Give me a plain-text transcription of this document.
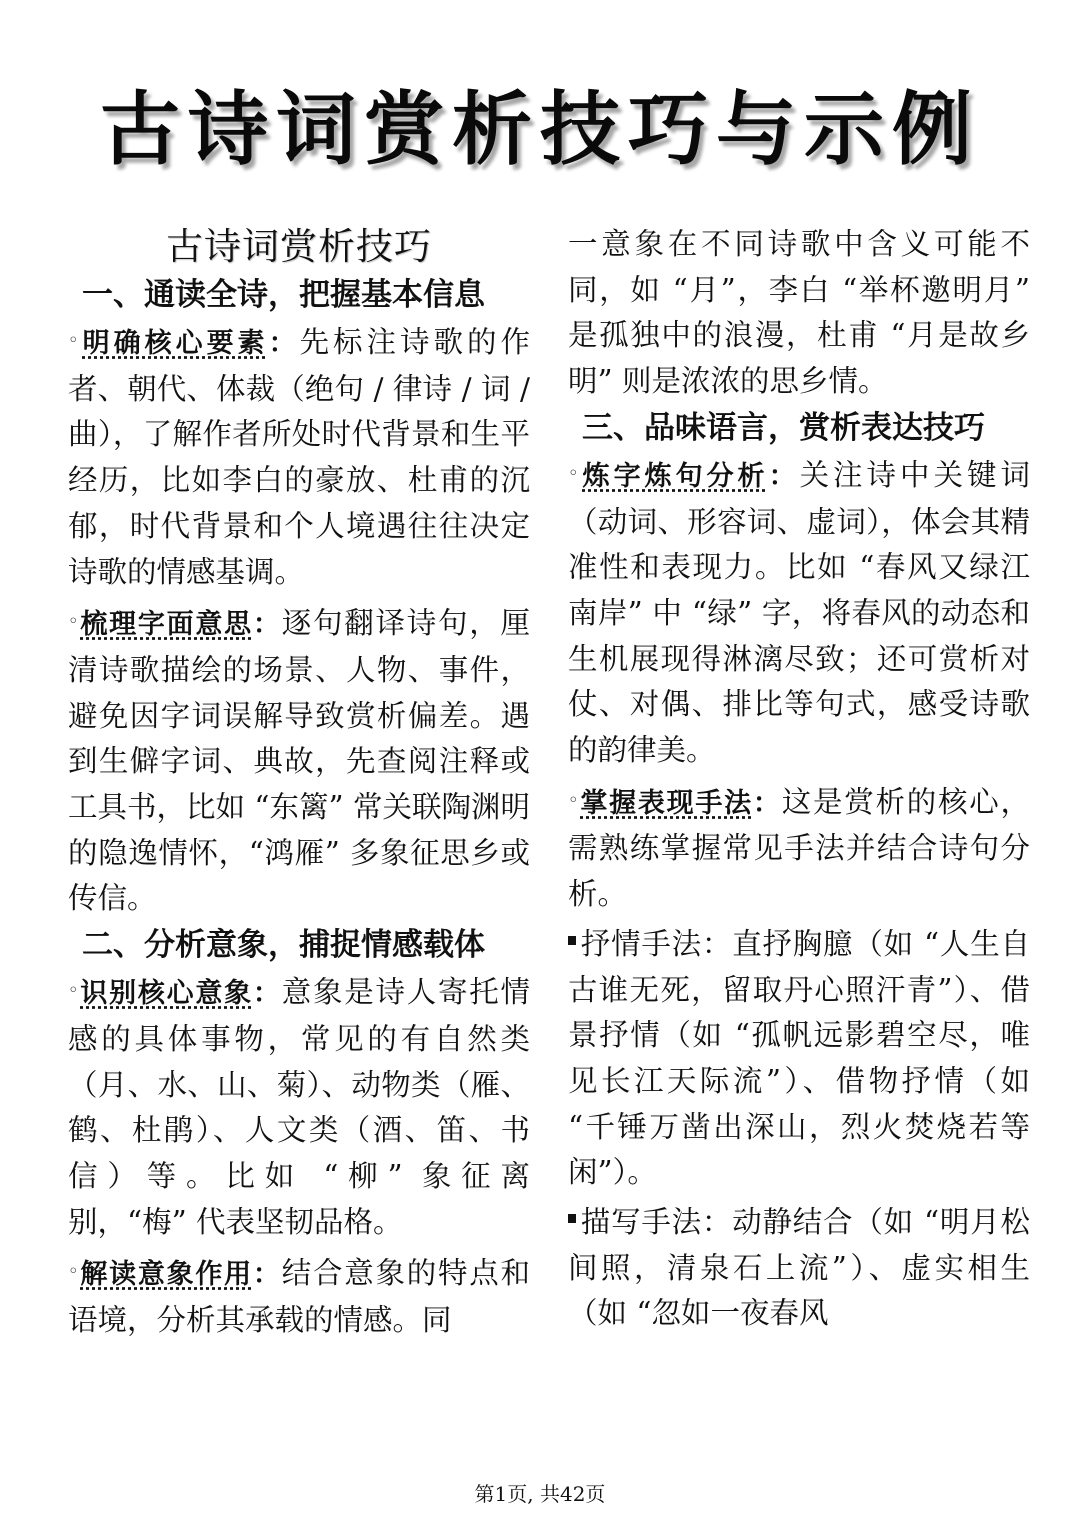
古诗词赏析技巧与示例
古诗词赏析技巧
一、通读全诗，把握基本信息
◦明确核心要素：先标注诗歌的作者、朝代、体裁（绝句 / 律诗 / 词 / 曲），了解作者所处时代背景和生平经历，比如李白的豪放、杜甫的沉郁，时代背景和个人境遇往往决定诗歌的情感基调。
◦梳理字面意思：逐句翻译诗句，厘清诗歌描绘的场景、人物、事件，避免因字词误解导致赏析偏差。遇到生僻字词、典故，先查阅注释或工具书，比如 “东篱” 常关联陶渊明的隐逸情怀，“鸿雁” 多象征思乡或传信。
二、分析意象，捕捉情感载体
◦识别核心意象：意象是诗人寄托情感的具体事物，常见的有自然类（月、水、山、菊）、动物类（雁、鹤、杜鹃）、人文类（酒、笛、书信）等。比如 “柳” 象征离别，“梅” 代表坚韧品格。
◦解读意象作用：结合意象的特点和语境，分析其承载的情感。同
一意象在不同诗歌中含义可能不同，如 “月”，李白 “举杯邀明月” 是孤独中的浪漫，杜甫 “月是故乡明” 则是浓浓的思乡情。
三、品味语言，赏析表达技巧
◦炼字炼句分析：关注诗中关键词（动词、形容词、虚词），体会其精准性和表现力。比如 “春风又绿江南岸” 中 “绿” 字，将春风的动态和生机展现得淋漓尽致；还可赏析对仗、对偶、排比等句式，感受诗歌的韵律美。
◦掌握表现手法：这是赏析的核心，需熟练掌握常见手法并结合诗句分析。
抒情手法：直抒胸臆（如 “人生自古谁无死，留取丹心照汗青”）、借景抒情（如 “孤帆远影碧空尽，唯见长江天际流”）、借物抒情（如 “千锤万凿出深山，烈火焚烧若等闲”）。
描写手法：动静结合（如 “明月松间照，清泉石上流”）、虚实相生（如 “忽如一夜春风
第1页, 共42页
